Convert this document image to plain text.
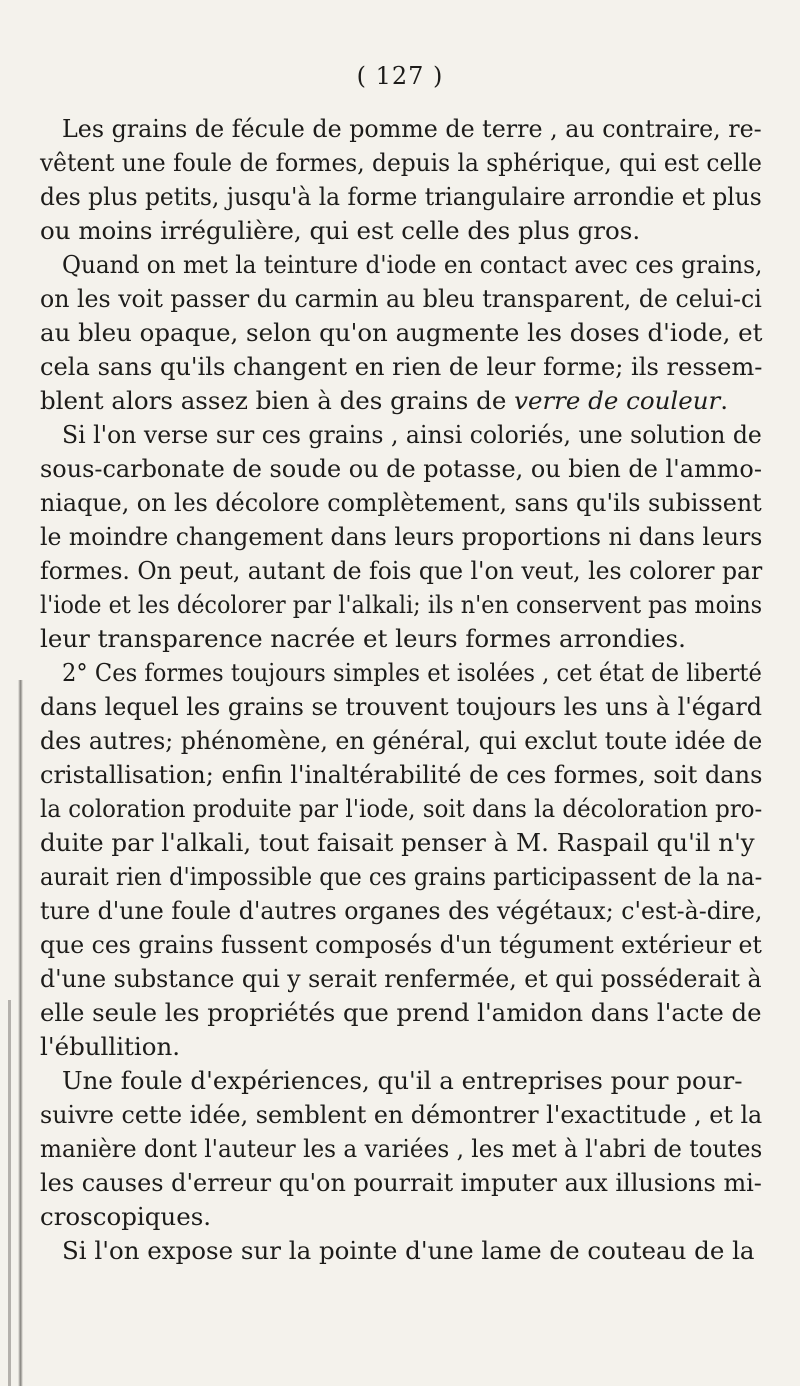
( 127 )
Les grains de fécule de pomme de terre , au contraire, re-
vêtent une foule de formes, depuis la sphérique, qui est celle
des plus petits, jusqu'à la forme triangulaire arrondie et plus
ou moins irrégulière, qui est celle des plus gros.
Quand on met la teinture d'iode en contact avec ces grains,
on les voit passer du carmin au bleu transparent, de celui-ci
au bleu opaque, selon qu'on augmente les doses d'iode, et
cela sans qu'ils changent en rien de leur forme; ils ressem-
blent alors assez bien à des grains de verre de couleur.
Si l'on verse sur ces grains , ainsi coloriés, une solution de
sous-carbonate de soude ou de potasse, ou bien de l'ammo-
niaque, on les décolore complètement, sans qu'ils subissent
le moindre changement dans leurs proportions ni dans leurs
formes. On peut, autant de fois que l'on veut, les colorer par
l'iode et les décolorer par l'alkali; ils n'en conservent pas moins
leur transparence nacrée et leurs formes arrondies.
2° Ces formes toujours simples et isolées , cet état de liberté
dans lequel les grains se trouvent toujours les uns à l'égard
des autres; phénomène, en général, qui exclut toute idée de
cristallisation; enfin l'inaltérabilité de ces formes, soit dans
la coloration produite par l'iode, soit dans la décoloration pro-
duite par l'alkali, tout faisait penser à M. Raspail qu'il n'y
aurait rien d'impossible que ces grains participassent de la na-
ture d'une foule d'autres organes des végétaux; c'est-à-dire,
que ces grains fussent composés d'un tégument extérieur et
d'une substance qui y serait renfermée, et qui posséderait à
elle seule les propriétés que prend l'amidon dans l'acte de
l'ébullition.
Une foule d'expériences, qu'il a entreprises pour pour-
suivre cette idée, semblent en démontrer l'exactitude , et la
manière dont l'auteur les a variées , les met à l'abri de toutes
les causes d'erreur qu'on pourrait imputer aux illusions mi-
croscopiques.
Si l'on expose sur la pointe d'une lame de couteau de la
